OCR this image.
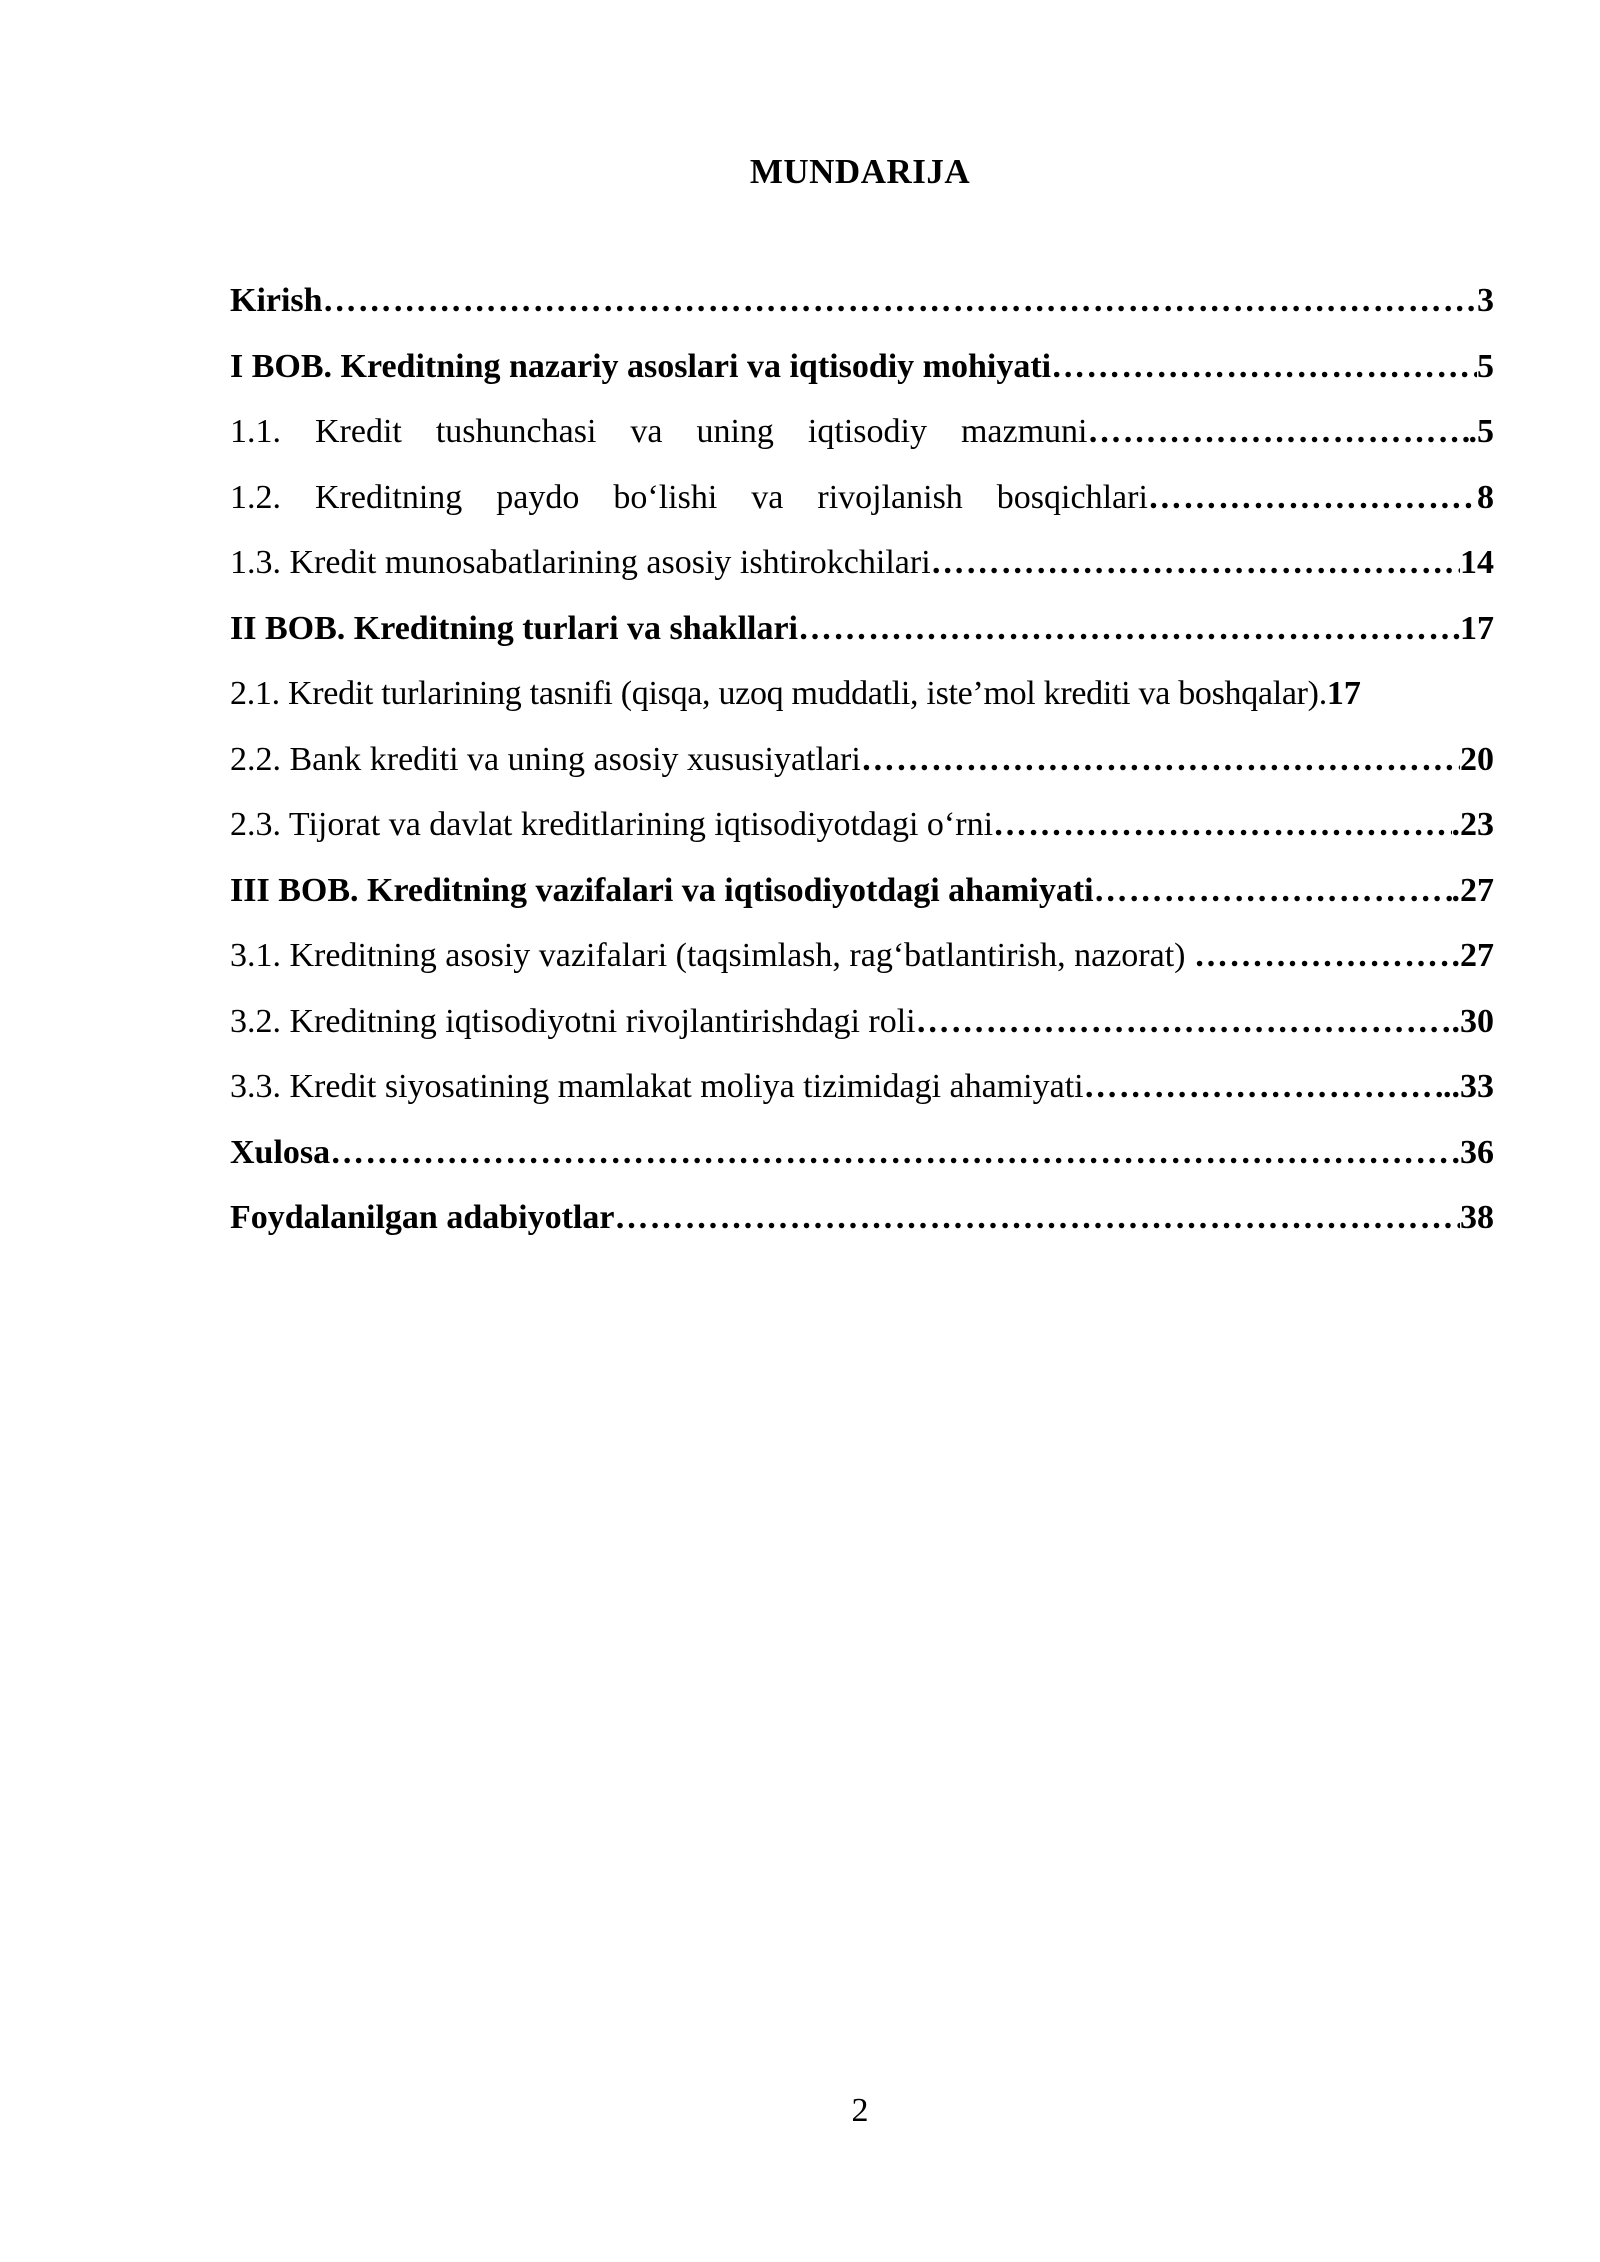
MUNDARIJA
Kirish …………………………………………………………………………………………………………………………………………………………………………………………	3
I BOB. Kreditning nazariy asoslari va iqtisodiy mohiyati …………………………………………………………………………………………………………………………………………………………………………………………	5
1.1.    Kredit    tushunchasi    va    uning    iqtisodiy    mazmuni …………………………………………………………………………………………………………………………………………………………………………………………	.5
1.2.    Kreditning    paydo    bo‘lishi    va    rivojlanish    bosqichlari …………………………………………………………………………………………………………………………………………………………………………………………	8
1.3. Kredit munosabatlarining asosiy ishtirokchilari …………………………………………………………………………………………………………………………………………………………………………………………	14
II BOB. Kreditning turlari va shakllari …………………………………………………………………………………………………………………………………………………………………………………………	17
2.1. Kredit turlarining tasnifi (qisqa, uzoq muddatli, iste’mol krediti va boshqalar). 17
2.2. Bank krediti va uning asosiy xususiyatlari …………………………………………………………………………………………………………………………………………………………………………………………	20
2.3. Tijorat va davlat kreditlarining iqtisodiyotdagi o‘rni …………………………………………………………………………………………………………………………………………………………………………………………	.23
III BOB. Kreditning vazifalari va iqtisodiyotdagi ahamiyati …………………………………………………………………………………………………………………………………………………………………………………………	.27
3.1. Kreditning asosiy vazifalari (taqsimlash, rag‘batlantirish, nazorat) …………………………………………………………………………………………………………………………………………………………………………………………	.27
3.2. Kreditning iqtisodiyotni rivojlantirishdagi roli …………………………………………………………………………………………………………………………………………………………………………………………	.30
3.3. Kredit siyosatining mamlakat moliya tizimidagi ahamiyati …………………………………………………………………………………………………………………………………………………………………………………………	..33
Xulosa …………………………………………………………………………………………………………………………………………………………………………………………	.36
Foydalanilgan adabiyotlar …………………………………………………………………………………………………………………………………………………………………………………………	38
2
